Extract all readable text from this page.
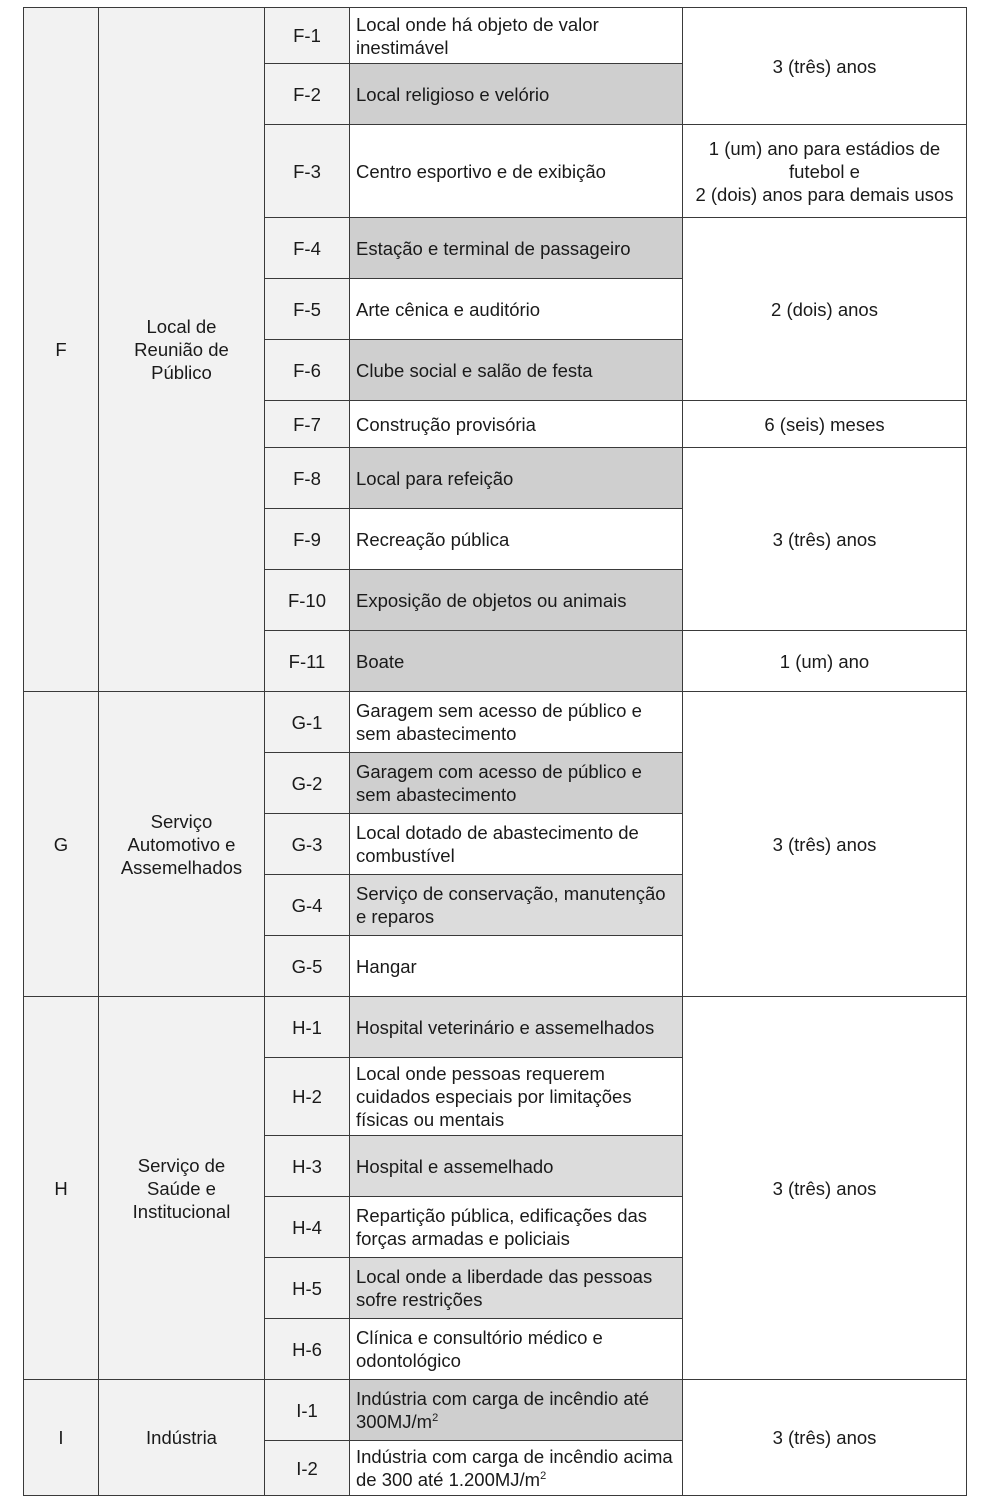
F	Local de
Reunião de
Público	F-1	Local onde há objeto de valor inestimável	3 (três) anos
		F-2	Local religioso e velório	
		F-3	Centro esportivo e de exibição	1 (um) ano para estádios de futebol e
2 (dois) anos para demais usos

		F-4	Estação e terminal de passageiro	2 (dois) anos
		F-5	Arte cênica e auditório	
		F-6	Clube social e salão de festa	
		F-7	Construção provisória	6 (seis) meses
		F-8	Local para refeição	3 (três) anos
		F-9	Recreação pública	
		F-10	Exposição de objetos ou animais	
		F-11	Boate	1 (um) ano
G	Serviço
Automotivo e
Assemelhados	G-1	Garagem sem acesso de público e sem abastecimento	3 (três) anos
		G-2	Garagem com acesso de público e sem abastecimento	
		G-3	Local dotado de abastecimento de combustível	
		G-4	Serviço de conservação, manutenção e reparos	
		G-5	Hangar	
H	Serviço de
Saúde e
Institucional	H-1	Hospital veterinário e assemelhados	3 (três) anos
		H-2	Local onde pessoas requerem cuidados especiais por limitações físicas ou mentais	
		H-3	Hospital e assemelhado	
		H-4	Repartição pública, edificações das forças armadas e policiais	
		H-5	Local onde a liberdade das pessoas sofre restrições	
		H-6	Clínica e consultório médico e odontológico	
I	Indústria	I-1	Indústria com carga de incêndio até $300MJ/m^2$	3 (três) anos
		I-2	Indústria com carga de incêndio acima de 300 até $1.200MJ/m^2$
